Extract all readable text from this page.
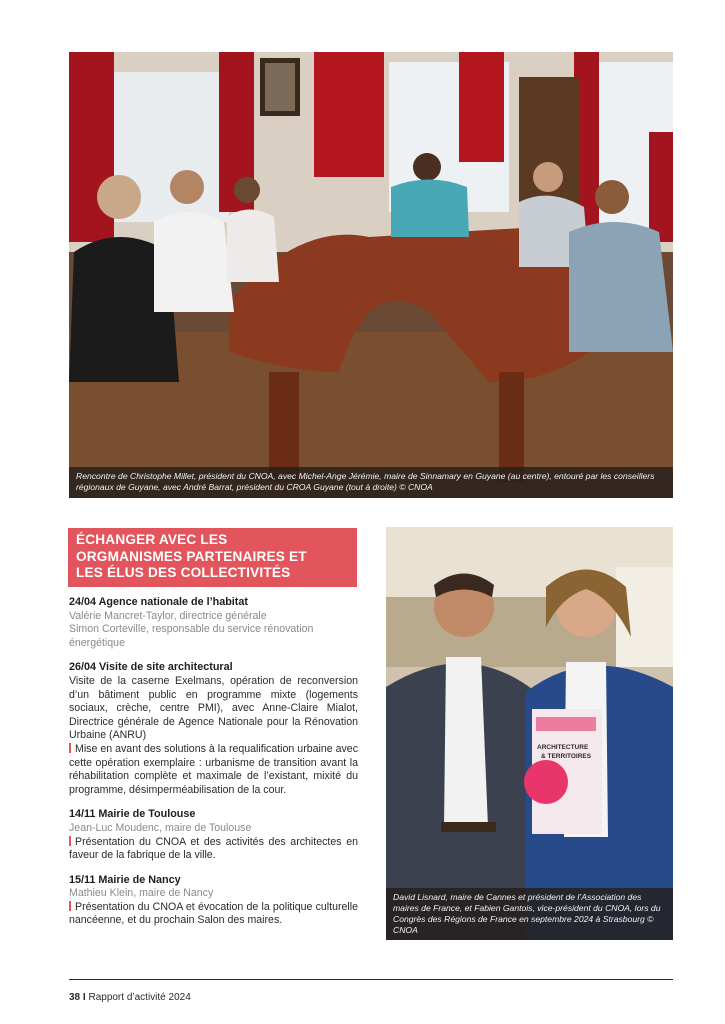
Rencontre de Christophe Millet, président du CNOA, avec Michel-Ange Jérémie, maire de Sinnamary en Guyane (au centre), entouré par les conseillers régionaux de Guyane, avec André Barrat, président du CROA Guyane (tout à droite) © CNOA
ÉCHANGER AVEC LES
ORGMANISMES PARTENAIRES ET
LES ÉLUS DES COLLECTIVITÉS
24/04 Agence nationale de l’habitat
Valérie Mancret-Taylor, directrice générale
Simon Corteville, responsable du service rénovation énergétique
26/04 Visite de site architectural
Visite de la caserne Exelmans, opération de reconversion d’un bâtiment public en programme mixte (logements sociaux, crèche, centre PMI), avec Anne-Claire Mialot, Directrice générale de Agence Nationale pour la Rénovation Urbaine (ANRU)
Mise en avant des solutions à la requalification urbaine avec cette opération exemplaire : urbanisme de transition avant la réhabilitation complète et maximale de l’existant, mixité du programme, désimperméabilisation de la cour.
14/11 Mairie de Toulouse
Jean-Luc Moudenc, maire de Toulouse
Présentation du CNOA et des activités des architectes en faveur de la fabrique de la ville.
15/11 Mairie de Nancy
Mathieu Klein, maire de Nancy
Présentation du CNOA et évocation de la politique culturelle nancéenne, et du prochain Salon des maires.
ARCHITECTURE
& TERRITOIRES
David Lisnard, maire de Cannes et président de l’Association des maires de France, et Fabien Gantois, vice-président du CNOA, lors du Congrès des Régions de France en septembre 2024 à Strasbourg © CNOA
38 I Rapport d’activité 2024
